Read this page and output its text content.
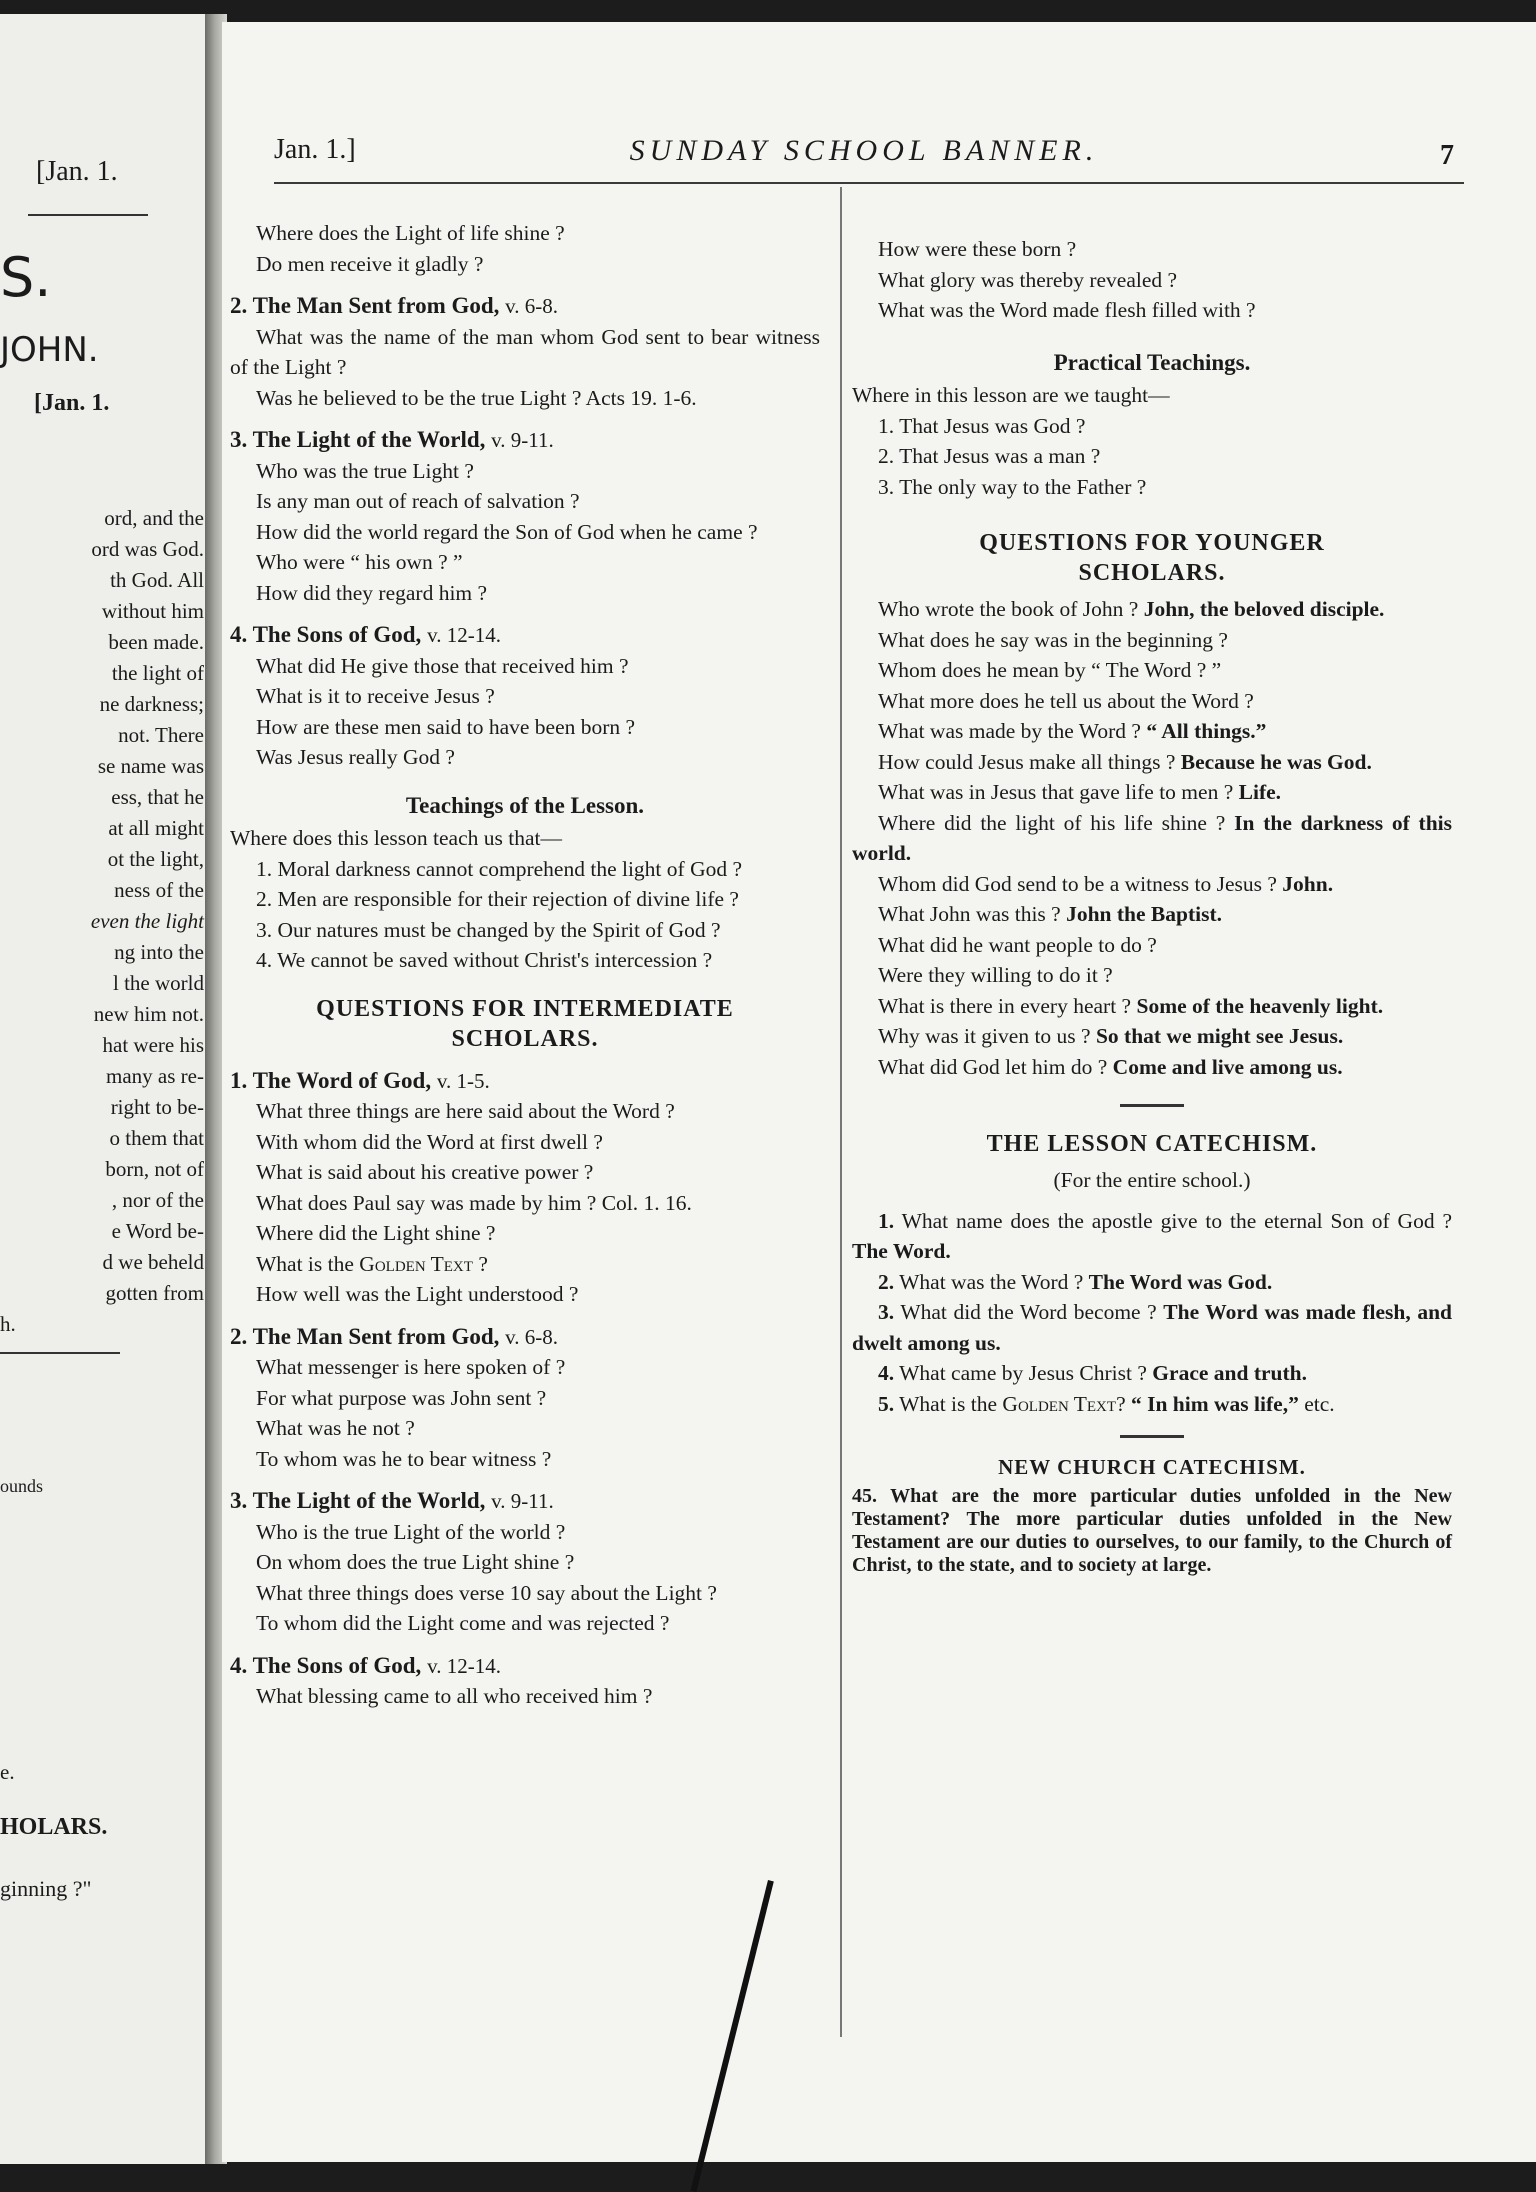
[Jan. 1.
S.
JOHN.
[Jan. 1.
ord, and the
ord was God.
th God. All
without him
been made.
the light of
ne darkness;
not. There
se name was
ess, that he
at all might
ot the light,
ness of the
even the light
ng into the
l the world
new him not.
hat were his
many as re-
right to be-
o them that
born, not of
, nor of the
e Word be-
d we beheld
gotten from
h.
ounds
e.
HOLARS.
ginning ?"
Jan. 1.]	SUNDAY SCHOOL BANNER.	7

Where does the Light of life shine ?

Do men receive it gladly ?

2. The Man Sent from God, v. 6-8.

What was the name of the man whom God sent to bear witness of the Light ?

Was he believed to be the true Light ? Acts 19. 1-6.

3. The Light of the World, v. 9-11.

Who was the true Light ?

Is any man out of reach of salvation ?

How did the world regard the Son of God when he came ?

Who were “ his own ? ”

How did they regard him ?

4. The Sons of God, v. 12-14.

What did He give those that received him ?

What is it to receive Jesus ?

How are these men said to have been born ?

Was Jesus really God ?

Teachings of the Lesson.

Where does this lesson teach us that—

1. Moral darkness cannot comprehend the light of God ?

2. Men are responsible for their rejection of divine life ?

3. Our natures must be changed by the Spirit of God ?

4. We cannot be saved without Christ's intercession ?

QUESTIONS FOR INTERMEDIATE
SCHOLARS.

1. The Word of God, v. 1-5.

What three things are here said about the Word ?

With whom did the Word at first dwell ?

What is said about his creative power ?

What does Paul say was made by him ? Col. 1. 16.

Where did the Light shine ?

What is the Golden Text ?

How well was the Light understood ?

2. The Man Sent from God, v. 6-8.

What messenger is here spoken of ?

For what purpose was John sent ?

What was he not ?

To whom was he to bear witness ?

3. The Light of the World, v. 9-11.

Who is the true Light of the world ?

On whom does the true Light shine ?

What three things does verse 10 say about the Light ?

To whom did the Light come and was rejected ?

4. The Sons of God, v. 12-14.

What blessing came to all who received him ?

How were these born ?

What glory was thereby revealed ?

What was the Word made flesh filled with ?

Practical Teachings.

Where in this lesson are we taught—

1. That Jesus was God ?

2. That Jesus was a man ?

3. The only way to the Father ?

QUESTIONS FOR YOUNGER
SCHOLARS.

Who wrote the book of John ? John, the beloved disciple.

What does he say was in the beginning ?

Whom does he mean by “ The Word ? ”

What more does he tell us about the Word ?

What was made by the Word ? “ All things.”

How could Jesus make all things ? Because he was God.

What was in Jesus that gave life to men ? Life.

Where did the light of his life shine ? In the darkness of this world.

Whom did God send to be a witness to Jesus ? John.

What John was this ? John the Baptist.

What did he want people to do ?

Were they willing to do it ?

What is there in every heart ? Some of the heavenly light.

Why was it given to us ? So that we might see Jesus.

What did God let him do ? Come and live among us.

THE LESSON CATECHISM.

(For the entire school.)

1. What name does the apostle give to the eternal Son of God ? The Word.

2. What was the Word ? The Word was God.

3. What did the Word become ? The Word was made flesh, and dwelt among us.

4. What came by Jesus Christ ? Grace and truth.

5. What is the Golden Text? “ In him was life,” etc.

NEW CHURCH CATECHISM.

45. What are the more particular duties unfolded in the New Testament? The more particular duties unfolded in the New Testament are our duties to ourselves, to our family, to the Church of Christ, to the state, and to society at large.
